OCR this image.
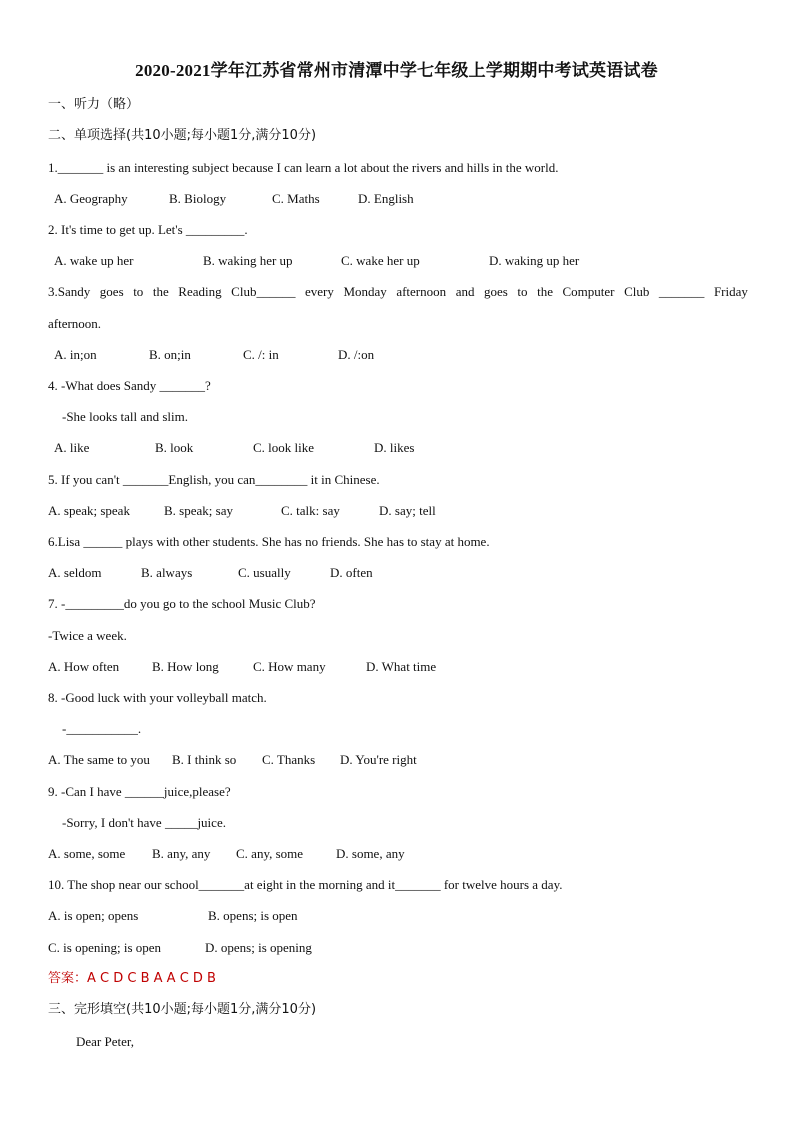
2020-2021学年江苏省常州市清潭中学七年级上学期期中考试英语试卷
一、听力（略）
二、单项选择(共10小题;每小题1分,满分10分)
1._______ is an interesting subject because I can learn a lot about the rivers and hills in the world.
A. Geography	B. Biology	C. Maths	D. English
2. It's time to get up. Let's _________.
A. wake up her	B. waking her up	C. wake her up	D. waking up her
3.Sandy goes to the Reading Club______ every Monday afternoon and goes to the Computer Club _______ Friday
afternoon.
A. in;on	B. on;in	C. /: in	D. /:on
4. -What does Sandy _______?
-She looks tall and slim.
A. like	B. look	C. look like	D. likes
5. If you can't _______English, you can________ it in Chinese.
A. speak; speak	B. speak; say	C. talk: say	D. say; tell
6.Lisa ______ plays with other students. She has no friends. She has to stay at home.
A. seldom	B. always	C. usually	D. often
7. -_________do you go to the school Music Club?
-Twice a week.
A. How often	B. How long	C. How many	D. What time
8. -Good luck with your volleyball match.
-___________.
A. The same to you B. I think so C. Thanks D. You're right
9. -Can I have ______juice,please?
-Sorry, I don't have _____juice.
A. some, some B. any, any C. any, some	D. some, any
10. The shop near our school_______at eight in the morning and it_______ for twelve hours a day.
A. is open; opens	B. opens; is open
C. is opening; is open	D. opens; is opening
答案：A C D C B A A C D B
三、完形填空(共10小题;每小题1分,满分10分)
Dear Peter,
